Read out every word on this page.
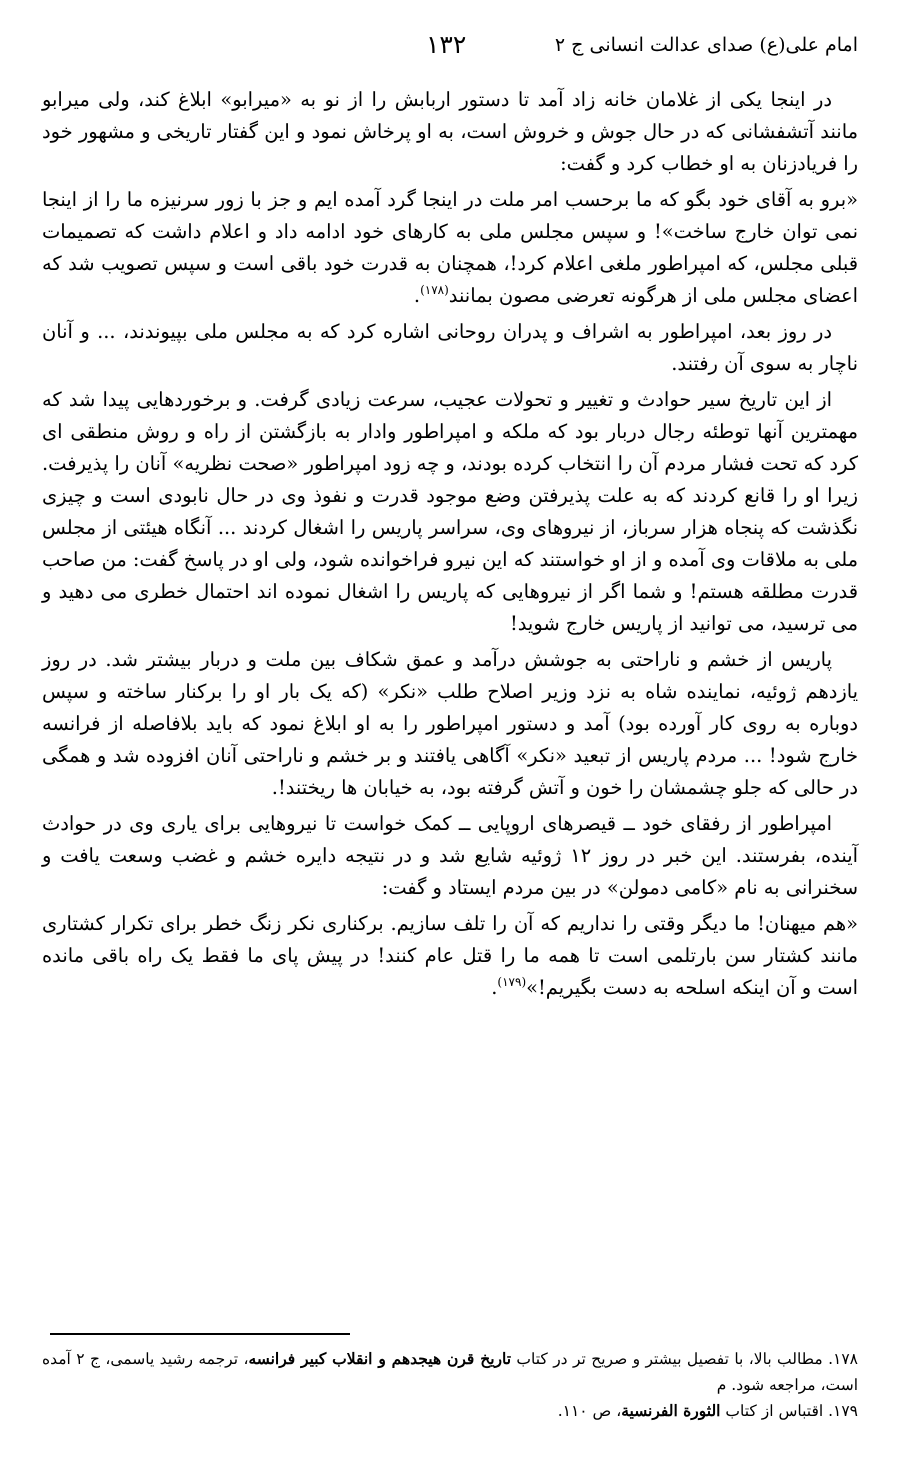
امام علی(ع) صدای عدالت انسانی ج ۲
۱۳۲

در اینجا یکی از غلامان خانه زاد آمد تا دستور اربابش را از نو به «میرابو» ابلاغ کند، ولی میرابو مانند آتشفشانی که در حال جوش و خروش است، به او پرخاش نمود و این گفتار تاریخی و مشهور خود را فریادزنان به او خطاب کرد و گفت:

«برو به آقای خود بگو که ما برحسب امر ملت در اینجا گرد آمده ایم و جز با زور سرنیزه ما را از اینجا نمی توان خارج ساخت»! و سپس مجلس ملی به کارهای خود ادامه داد و اعلام داشت که تصمیمات قبلی مجلس، که امپراطور ملغی اعلام کرد!، همچنان به قدرت خود باقی است و سپس تصویب شد که اعضای مجلس ملی از هرگونه تعرضی مصون بمانند$^{(۱۷۸)}$.

در روز بعد، امپراطور به اشراف و پدران روحانی اشاره کرد که به مجلس ملی بپیوندند، ... و آنان ناچار به سوی آن رفتند.

از این تاریخ سیر حوادث و تغییر و تحولات عجیب، سرعت زیادی گرفت. و برخوردهایی پیدا شد که مهمترین آنها توطئه رجال دربار بود که ملکه و امپراطور وادار به بازگشتن از راه و روش منطقی ای کرد که تحت فشار مردم آن را انتخاب کرده بودند، و چه زود امپراطور «صحت نظریه» آنان را پذیرفت. زیرا او را قانع کردند که به علت پذیرفتن وضع موجود قدرت و نفوذ وی در حال نابودی است و چیزی نگذشت که پنجاه هزار سرباز، از نیروهای وی، سراسر پاریس را اشغال کردند ... آنگاه هیئتی از مجلس ملی به ملاقات وی آمده و از او خواستند که این نیرو فراخوانده شود، ولی او در پاسخ گفت: من صاحب قدرت مطلقه هستم! و شما اگر از نیروهایی که پاریس را اشغال نموده اند احتمال خطری می دهید و می ترسید، می توانید از پاریس خارج شوید!

پاریس از خشم و ناراحتی به جوشش درآمد و عمق شکاف بین ملت و دربار بیشتر شد. در روز یازدهم ژوئیه، نماینده شاه به نزد وزیر اصلاح طلب «نکر» (که یک بار او را برکنار ساخته و سپس دوباره به روی کار آورده بود) آمد و دستور امپراطور را به او ابلاغ نمود که باید بلافاصله از فرانسه خارج شود! ... مردم پاریس از تبعید «نکر» آگاهی یافتند و بر خشم و ناراحتی آنان افزوده شد و همگی در حالی که جلو چشمشان را خون و آتش گرفته بود، به خیابان ها ریختند!.

امپراطور از رفقای خود ــ قیصرهای اروپایی ــ کمک خواست تا نیروهایی برای یاری وی در حوادث آینده، بفرستند. این خبر در روز ۱۲ ژوئیه شایع شد و در نتیجه دایره خشم و غضب وسعت یافت و سخنرانی به نام «کامی دمولن» در بین مردم ایستاد و گفت:

«هم میهنان! ما دیگر وقتی را نداریم که آن را تلف سازیم. برکناری نکر زنگ خطر برای تکرار کشتاری مانند کشتار سن بارتلمی است تا همه ما را قتل عام کنند! در پیش پای ما فقط یک راه باقی مانده است و آن اینکه اسلحه به دست بگیریم!»$^{(۱۷۹)}$.

۱۷۸. مطالب بالا، با تفصیل بیشتر و صریح تر در کتاب تاریخ قرن هیجدهم و انقلاب کبیر فرانسه، ترجمه رشید یاسمی، ج ۲ آمده است، مراجعه شود. م

۱۷۹. اقتباس از کتاب الثورة الفرنسیة، ص ۱۱۰.
